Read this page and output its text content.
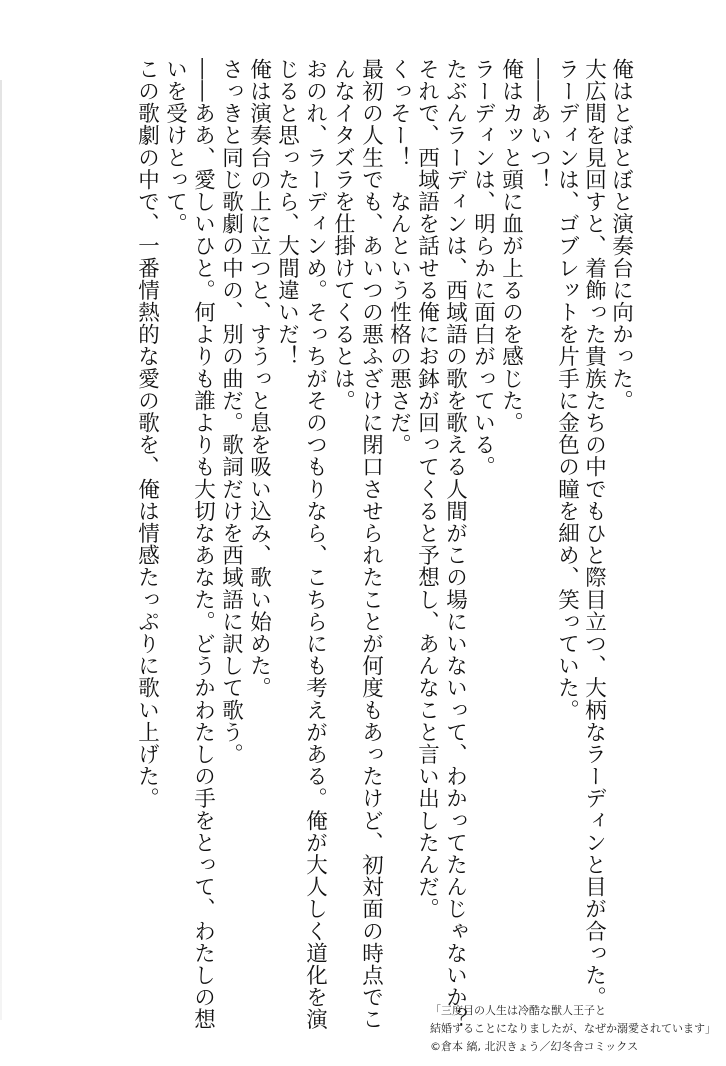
俺はとぼとぼと演奏台に向かった。
大広間を見回すと、着飾った貴族たちの中でもひと際目立つ、大柄なラーディンと目が合った。
ラーディンは、ゴブレットを片手に金色の瞳を細め、笑っていた。
――あいつ！
俺はカッと頭に血が上るのを感じた。
ラーディンは、明らかに面白がっている。
たぶんラーディンは、西域語の歌を歌える人間がこの場にいないって、わかってたんじゃないか？
それで、西域語を話せる俺にお鉢が回ってくると予想し、あんなこと言い出したんだ。
くっそー！　なんという性格の悪さだ。
最初の人生でも、あいつの悪ふざけに閉口させられたことが何度もあったけど、初対面の時点でこ
んなイタズラを仕掛けてくるとは。
おのれ、ラーディンめ。そっちがそのつもりなら、こちらにも考えがある。俺が大人しく道化を演
じると思ったら、大間違いだ！
俺は演奏台の上に立つと、すうっと息を吸い込み、歌い始めた。
さっきと同じ歌劇の中の、別の曲だ。歌詞だけを西域語に訳して歌う。
――ああ、愛しいひと。何よりも誰よりも大切なあなた。どうかわたしの手をとって、わたしの想
いを受けとって。
この歌劇の中で、一番情熱的な愛の歌を、俺は情感たっぷりに歌い上げた。
「三度目の人生は冷酷な獣人王子と
結婚することになりましたが、なぜか溺愛されています」
©倉本 縞, 北沢きょう／幻冬舎コミックス
